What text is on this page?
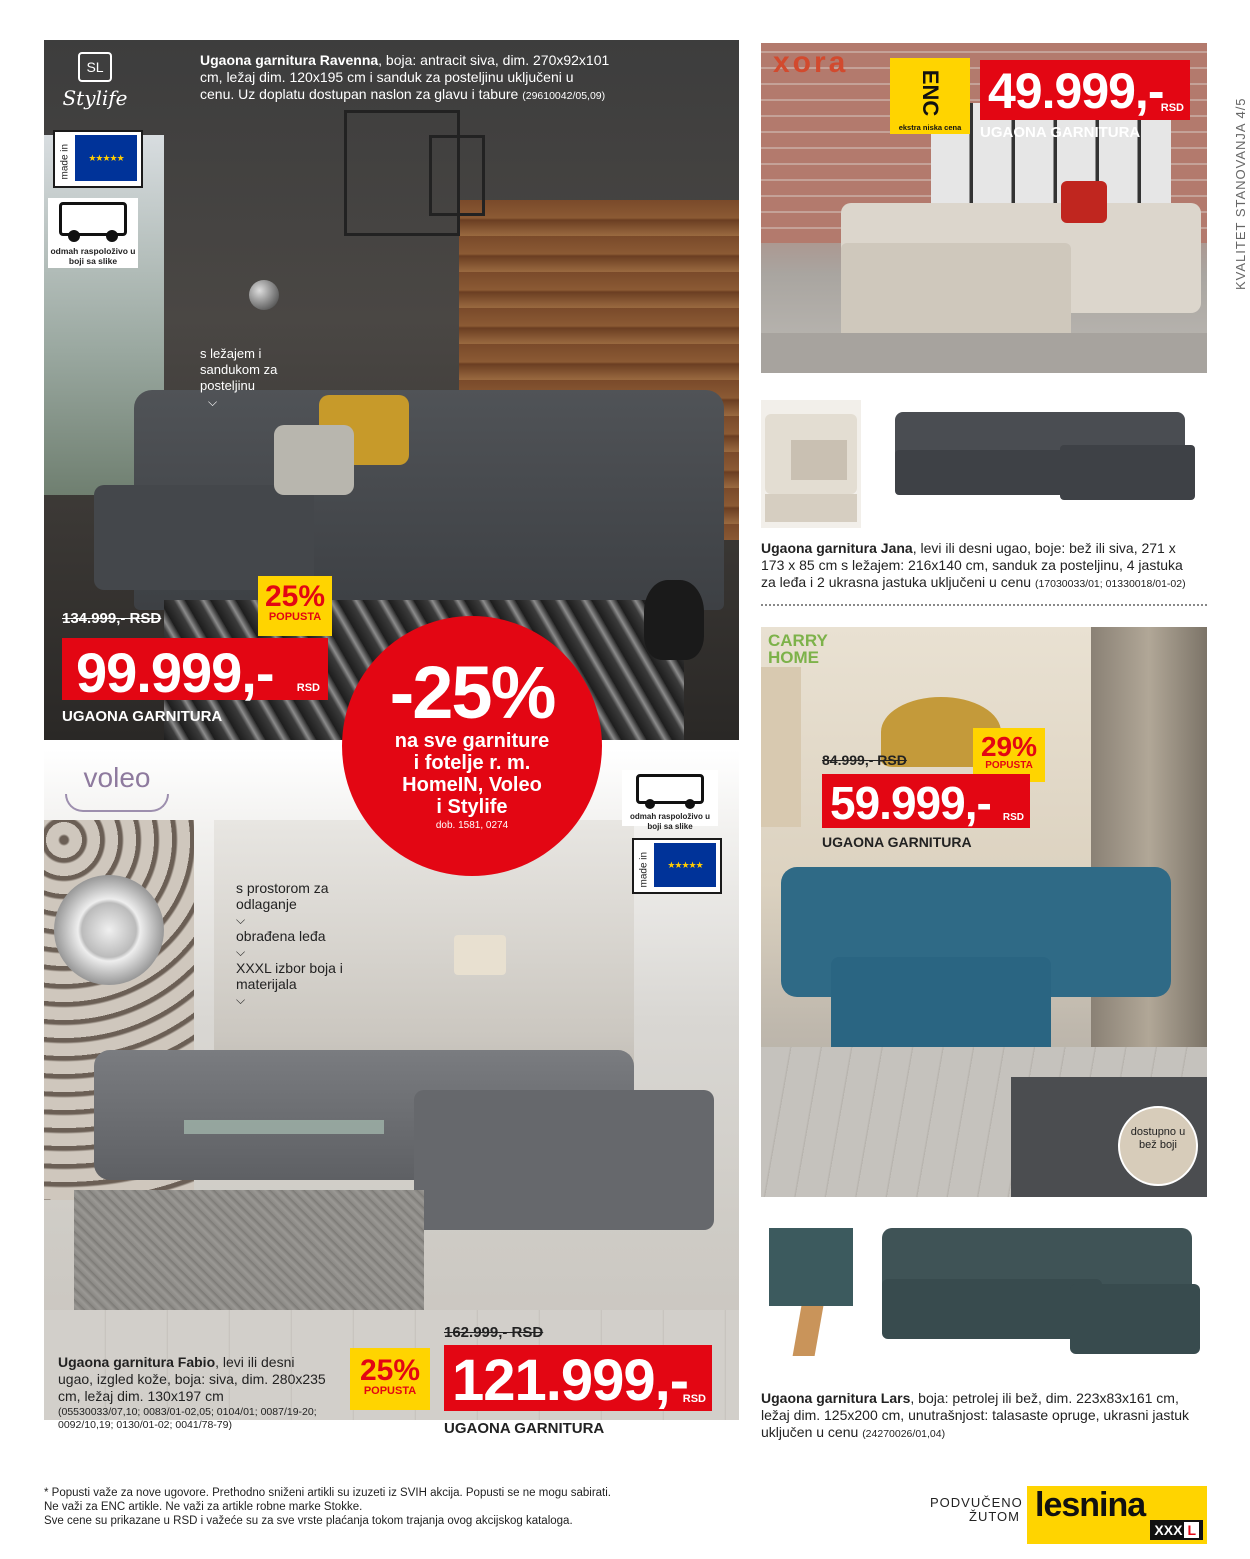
KVALITET STANOVANJA 4/5
SL
Stylife
made in	★★★★★
odmah raspoloživo u boji sa slike
Ugaona garnitura Ravenna, boja: antracit siva, dim. 270x92x101 cm, ležaj dim. 120x195 cm i sanduk za posteljinu uključeni u cenu. Uz doplatu dostupan naslon za glavu i tabure (29610042/05,09)
s ležajem i sandukom za posteljinu
⌵
134.999,- RSD
25%
POPUSTA
99.999,- RSD
UGAONA GARNITURA
xora
ENC
ekstra niska cena
49.999,-
RSD
UGAONA GARNITURA
Ugaona garnitura Jana, levi ili desni ugao, boje: bež ili siva, 271 x 173 x 85 cm s ležajem: 216x140 cm, sanduk za posteljinu, 4 jastuka za leđa i 2 ukrasna jastuka uključeni u cenu (17030033/01; 01330018/01-02)
CARRY
HOME
84.999,- RSD	29%
POPUSTA
59.999,- RSD
UGAONA GARNITURA
dostupno u bež boji
Ugaona garnitura Lars, boja: petrolej ili bež, dim. 223x83x161 cm, ležaj dim. 125x200 cm, unutrašnjost: talasaste opruge, ukrasni jastuk uključen u cenu (24270026/01,04)
voleo
odmah raspoloživo u boji sa slike
made in	★★★★★
s prostorom za odlaganje
⌵
obrađena leđa
⌵
XXXL izbor boja i materijala
⌵
-25%
na sve garniture
i fotelje r. m.
HomeIN, Voleo
i Stylife
dob. 1581, 0274
Ugaona garnitura Fabio, levi ili desni ugao, izgled kože, boja: siva, dim. 280x235 cm, ležaj dim. 130x197 cm
(05530033/07,10; 0083/01-02,05; 0104/01; 0087/19-20; 0092/10,19; 0130/01-02; 0041/78-79)
162.999,- RSD
25%
POPUSTA 121.999,-
RSD
UGAONA GARNITURA
* Popusti važe za nove ugovore. Prethodno sniženi artikli su izuzeti iz SVIH akcija. Popusti se ne mogu sabirati.
Ne važi za ENC artikle. Ne važi za artikle robne marke Stokke.
Sve cene su prikazane u RSD i važeće su za sve vrste plaćanja tokom trajanja ovog akcijskog kataloga.
PODVUČENO
ŽUTOM lesnina
XXX L
